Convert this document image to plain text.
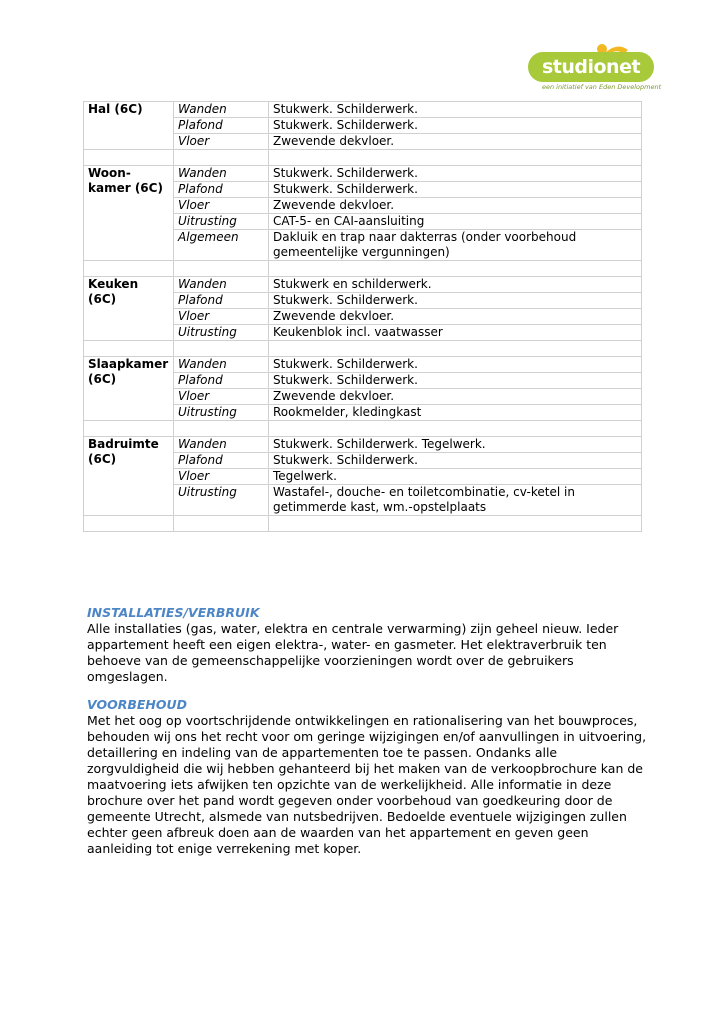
studionet
een initiatief van Eden Development
Hal (6C)	Wanden	Stukwerk. Schilderwerk.
	Plafond	Stukwerk. Schilderwerk.
	Vloer	Zwevende dekvloer.

Woon-kamer (6C)	Wanden	Stukwerk. Schilderwerk.
	Plafond	Stukwerk. Schilderwerk.
	Vloer	Zwevende dekvloer.
	Uitrusting	CAT-5- en CAI-aansluiting
	Algemeen	Dakluik en trap naar dakterras (onder voorbehoud gemeentelijke vergunningen)

Keuken (6C)	Wanden	Stukwerk en schilderwerk.
	Plafond	Stukwerk. Schilderwerk.
	Vloer	Zwevende dekvloer.
	Uitrusting	Keukenblok incl. vaatwasser

Slaapkamer (6C)	Wanden	Stukwerk. Schilderwerk.
	Plafond	Stukwerk. Schilderwerk.
	Vloer	Zwevende dekvloer.
	Uitrusting	Rookmelder, kledingkast

Badruimte (6C)	Wanden	Stukwerk. Schilderwerk. Tegelwerk.
	Plafond	Stukwerk. Schilderwerk.
	Vloer	Tegelwerk.
	Uitrusting	Wastafel-, douche- en toiletcombinatie, cv-ketel in getimmerde kast, wm.-opstelplaats

INSTALLATIES/VERBRUIK

Alle installaties (gas, water, elektra en centrale verwarming) zijn geheel nieuw. Ieder appartement heeft een eigen elektra-, water- en gasmeter. Het elektraverbruik ten behoeve van de gemeenschappelijke voorzieningen wordt over de gebruikers omgeslagen.

VOORBEHOUD

Met het oog op voortschrijdende ontwikkelingen en rationalisering van het bouwproces, behouden wij ons het recht voor om geringe wijzigingen en/of aanvullingen in uitvoering, detaillering en indeling van de appartementen toe te passen. Ondanks alle zorgvuldigheid die wij hebben gehanteerd bij het maken van de verkoopbrochure kan de maatvoering iets afwijken ten opzichte van de werkelijkheid. Alle informatie in deze brochure over het pand wordt gegeven onder voorbehoud van goedkeuring door de gemeente Utrecht, alsmede van nutsbedrijven. Bedoelde eventuele wijzigingen zullen echter geen afbreuk doen aan de waarden van het appartement en geven geen aanleiding tot enige verrekening met koper.
